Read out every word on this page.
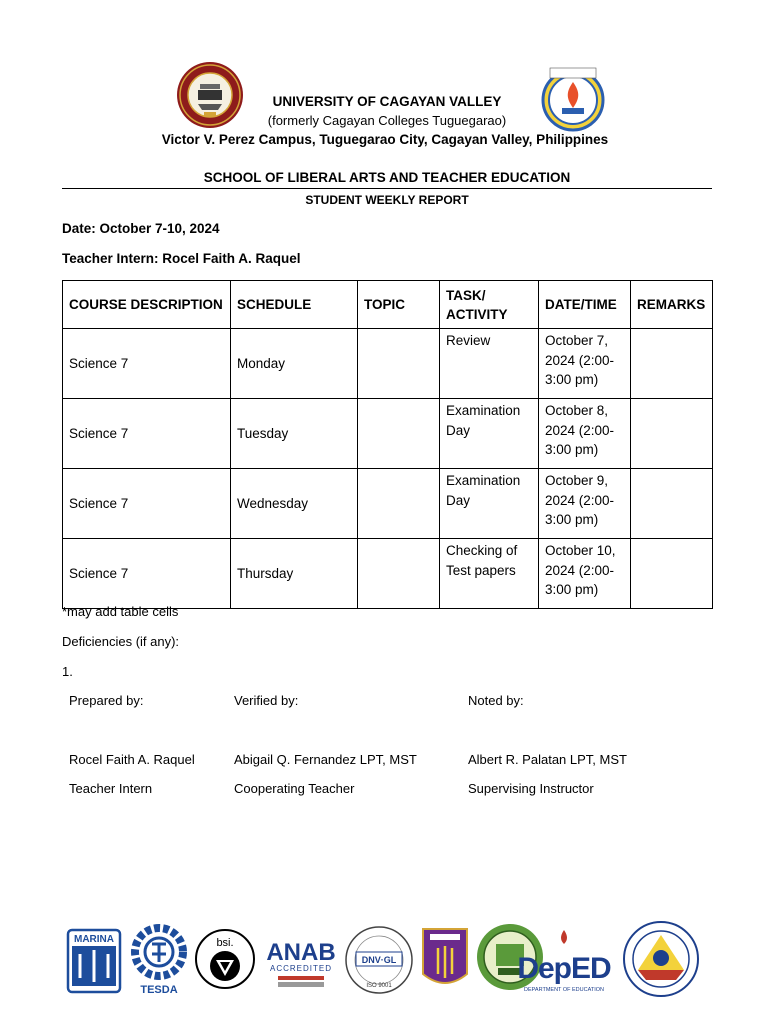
UNIVERSITY OF CAGAYAN VALLEY
(formerly Cagayan Colleges Tuguegarao)
Victor V. Perez Campus, Tuguegarao City, Cagayan Valley, Philippines
SCHOOL OF LIBERAL ARTS AND TEACHER EDUCATION
STUDENT WEEKLY REPORT
Date: October 7-10, 2024
Teacher Intern: Rocel Faith A. Raquel
COURSE DESCRIPTION	SCHEDULE	TOPIC	TASK/ ACTIVITY	DATE/TIME	REMARKS
Science 7	Monday		Review	October 7, 2024 (2:00-3:00 pm)	
Science 7	Tuesday		Examination Day	October 8, 2024 (2:00-3:00 pm)	
Science 7	Wednesday		Examination Day	October 9, 2024 (2:00-3:00 pm)	
Science 7	Thursday		Checking of Test papers	October 10, 2024 (2:00-3:00 pm)	
*may add table cells
Deficiencies (if any):
1.
Prepared by:	Verified by:	Noted by:
Rocel Faith A. Raquel	Abigail Q. Fernandez LPT, MST	Albert R. Palatan LPT, MST
Teacher Intern	Cooperating Teacher	Supervising Instructor
MARINA
TESDA
bsi. ANAB
ACCREDITED
DNV·GL
ISO 9001
DepED
DEPARTMENT OF EDUCATION
